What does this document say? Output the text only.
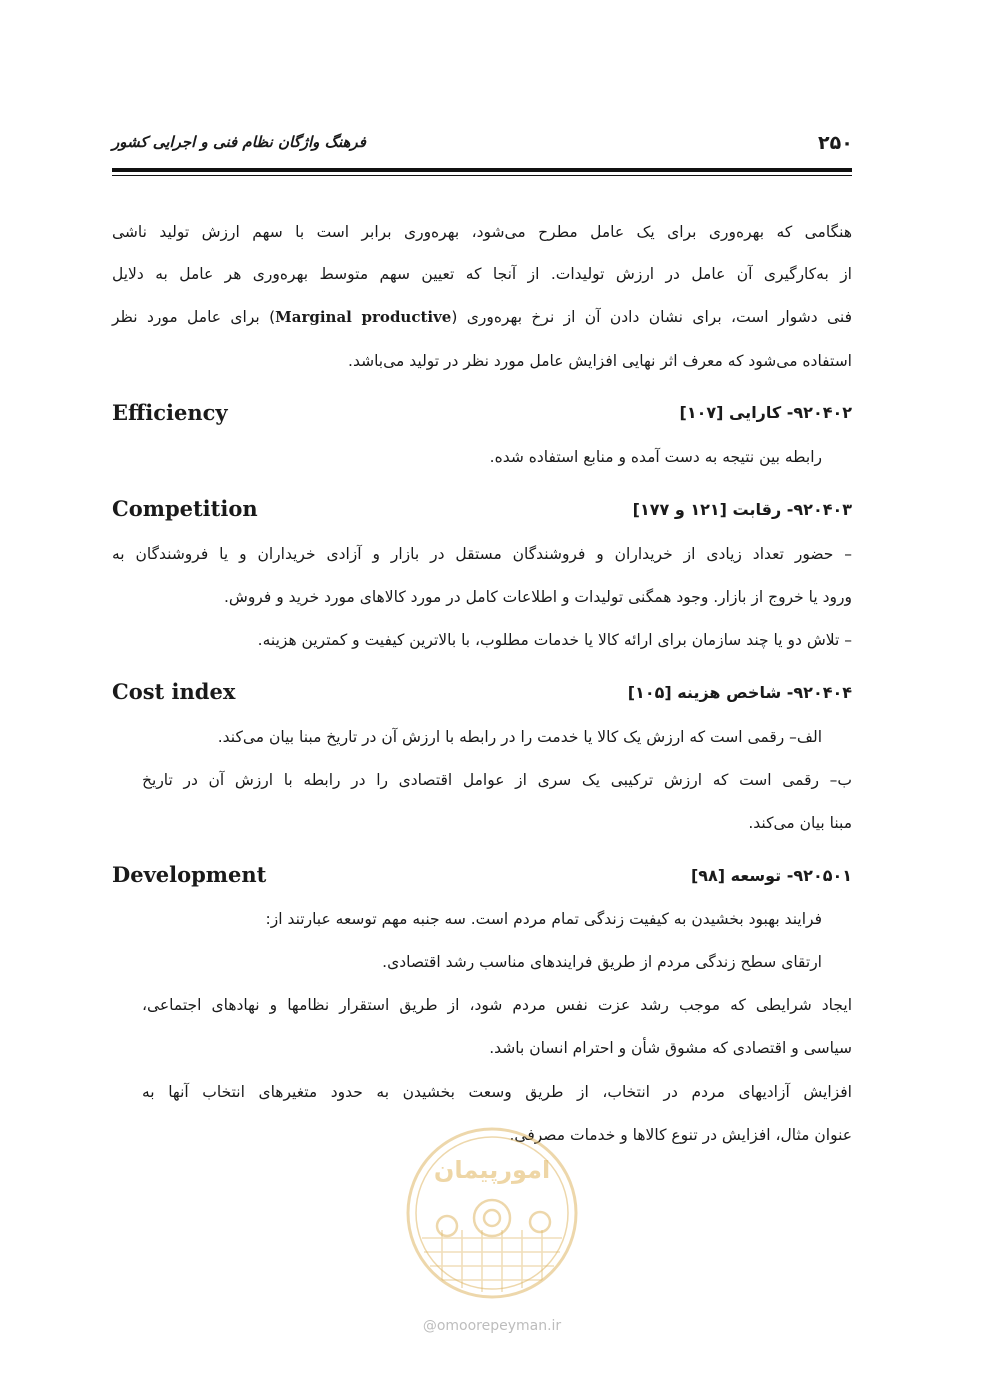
۲۵۰
فرهنگ واژگان نظام فنی و اجرایی کشور
هنگامی که بهره‌وری برای یک عامل مطرح می‌شود، بهره‌وری برابر است با سهم ارزش تولید ناشی
از به‌کارگیری آن عامل در ارزش تولیدات. از آنجا که تعیین سهم متوسط بهره‌وری هر عامل به دلایل
فنی دشوار است، برای نشان دادن آن از نرخ بهره‌وری (Marginal productive) برای عامل مورد نظر
استفاده می‌شود که معرف اثر نهایی افزایش عامل مورد نظر در تولید می‌باشد.
۹۲۰۴۰۲- کارایی [۱۰۷]
Efficiency
رابطه بین نتیجه به دست آمده و منابع استفاده شده.
۹۲۰۴۰۳- رقابت [۱۲۱ و ۱۷۷]
Competition
– حضور تعداد زیادی از خریداران و فروشندگان مستقل در بازار و آزادی خریداران و یا فروشندگان به
ورود یا خروج از بازار. وجود همگنی تولیدات و اطلاعات کامل در مورد کالاهای مورد خرید و فروش.
– تلاش دو یا چند سازمان برای ارائه کالا یا خدمات مطلوب، با بالاترین کیفیت و کمترین هزینه.
۹۲۰۴۰۴- شاخص هزینه [۱۰۵]
Cost index
الف– رقمی است که ارزش یک کالا یا خدمت را در رابطه با ارزش آن در تاریخ مبنا بیان می‌کند.
ب– رقمی است که ارزش ترکیبی یک سری از عوامل اقتصادی را در رابطه با ارزش آن در تاریخ
مبنا بیان می‌کند.
۹۲۰۵۰۱- توسعه [۹۸]
Development
فرایند بهبود بخشیدن به کیفیت زندگی تمام مردم است. سه جنبه مهم توسعه عبارتند از:
ارتقای سطح زندگی مردم از طریق فرایندهای مناسب رشد اقتصادی.
ایجاد شرایطی که موجب رشد عزت نفس مردم شود، از طریق استقرار نظامها و نهادهای اجتماعی،
سیاسی و اقتصادی که مشوق شأن و احترام انسان باشد.
افزایش آزادیهای مردم در انتخاب، از طریق وسعت بخشیدن به حدود متغیرهای انتخاب آنها به
عنوان مثال، افزایش در تنوع کالاها و خدمات مصرفی.
امورپیمان
@omoorepeyman.ir
